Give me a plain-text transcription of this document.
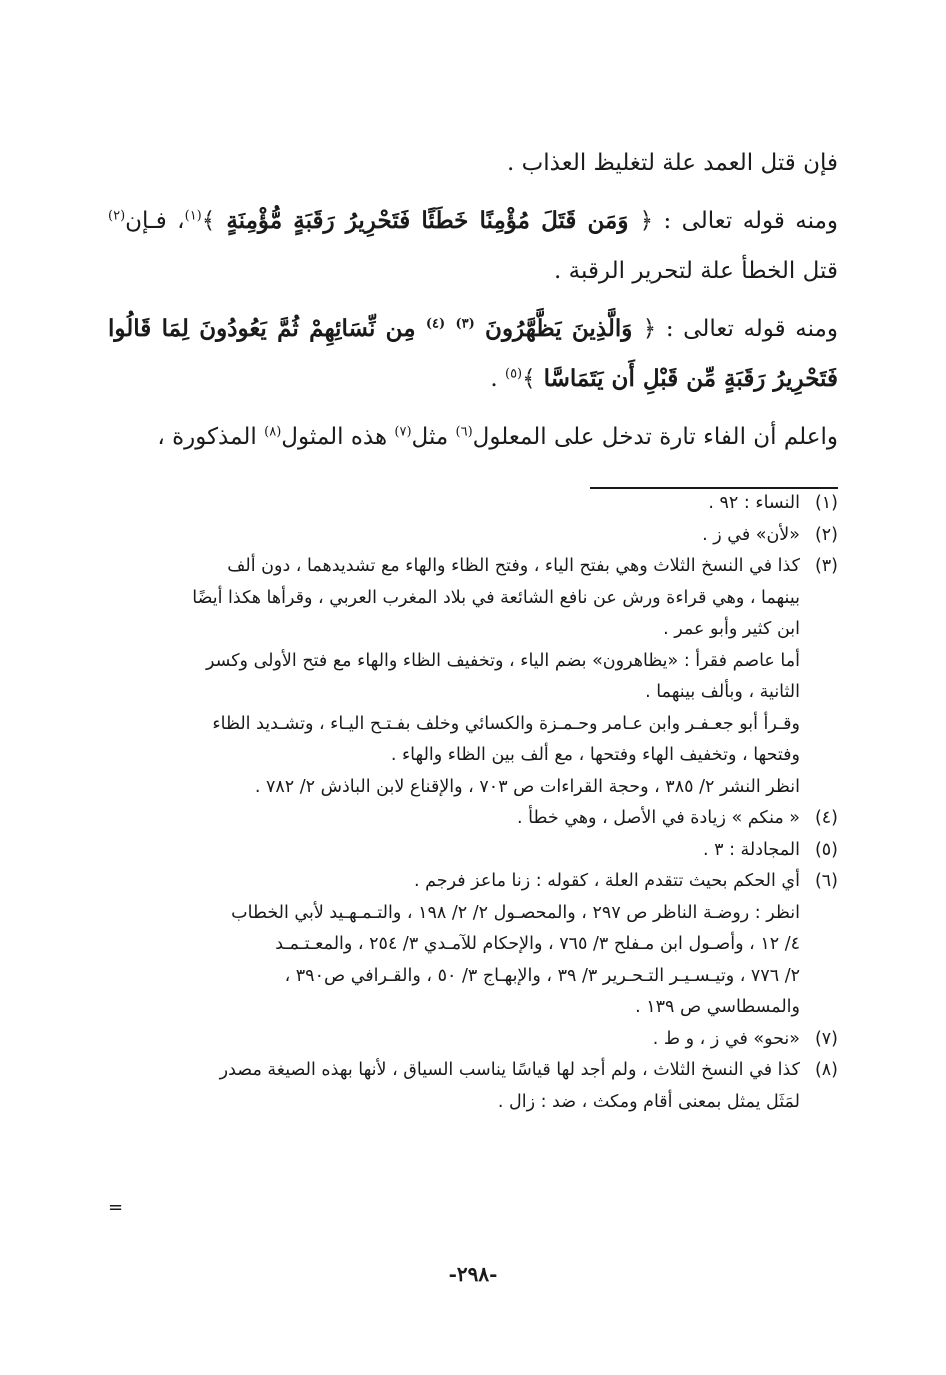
فإن قتل العمد علة لتغليظ العذاب .

ومنه قوله تعالى : ﴿ وَمَن قَتَلَ مُؤْمِنًا خَطَئًا فَتَحْرِيرُ رَقَبَةٍ مُّؤْمِنَةٍ ﴾$^{(١)}$، فـإن$^{(٢)}$ قتل الخطأ علة لتحرير الرقبة .

ومنه قوله تعالى : ﴿ وَالَّذِينَ يَظَّهَّرُونَ $^{(٣)}$ $^{(٤)}$ مِن نِّسَائِهِمْ ثُمَّ يَعُودُونَ لِمَا قَالُوا فَتَحْرِيرُ رَقَبَةٍ مِّن قَبْلِ أَن يَتَمَاسَّا ﴾$^{(٥)}$ .

واعلم أن الفاء تارة تدخل على المعلول$^{(٦)}$ مثل$^{(٧)}$ هذه المثول$^{(٨)}$ المذكورة ،

(١)
النساء : ٩٢ .
(٢)
«لأن» في ز .
(٣)
كذا في النسخ الثلاث وهي بفتح الياء ، وفتح الظاء والهاء مع تشديدهما ، دون ألف
بينهما ، وهي قراءة ورش عن نافع الشائعة في بلاد المغرب العربي ، وقرأها هكذا أيضًا
ابن كثير وأبو عمر .
أما عاصم فقرأ : «يظاهرون» بضم الياء ، وتخفيف الظاء والهاء مع فتح الأولى وكسر
الثانية ، وبألف بينهما .
وقـرأ أبو جعـفـر وابن عـامر وحـمـزة والكسائي وخلف بفـتـح اليـاء ، وتشـديد الظاء
وفتحها ، وتخفيف الهاء وفتحها ، مع ألف بين الظاء والهاء .
انظر النشر ٢/ ٣٨٥ ، وحجة القراءات ص ٧٠٣ ، والإقناع لابن الباذش ٢/ ٧٨٢ .
(٤)
« منكم » زيادة في الأصل ، وهي خطأ .
(٥)
المجادلة : ٣ .
(٦)
أي الحكم بحيث تتقدم العلة ، كقوله : زنا ماعز فرجم .
انظر : روضـة الناظر ص ٢٩٧ ، والمحصـول ٢/ ٢/ ١٩٨ ، والتـمـهـيد لأبي الخطاب
٤/ ١٢ ، وأصـول ابن مـفلح ٣/ ٧٦٥ ، والإحكام للآمـدي ٣/ ٢٥٤ ، والمعـتـمـد
٢/ ٧٧٦ ، وتيـسـيـر التـحـرير ٣/ ٣٩ ، والإبهـاج ٣/ ٥٠ ، والقـرافي ص٣٩٠ ،
والمسطاسي ص ١٣٩ .
(٧)
«نحو» في ز ، و ط .
(٨)
كذا في النسخ الثلاث ، ولم أجد لها قياسًا يناسب السياق ، لأنها بهذه الصيغة مصدر
لمَثَل يمثل بمعنى أقام ومكث ، ضد : زال .
=
-٢٩٨-
